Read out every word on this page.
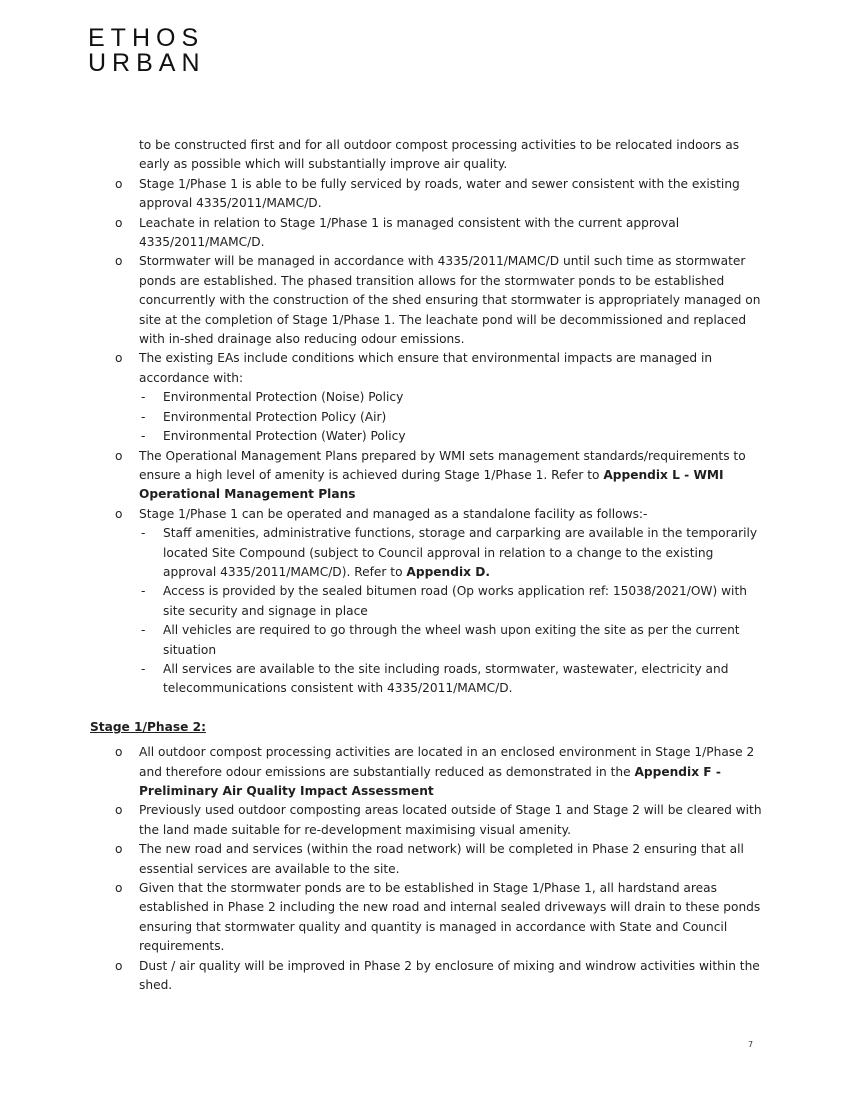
ETHOS
URBAN
to be constructed first and for all outdoor compost processing activities to be relocated indoors as early as possible which will substantially improve air quality.
o Stage 1/Phase 1 is able to be fully serviced by roads, water and sewer consistent with the existing approval 4335/2011/MAMC/D.
o Leachate in relation to Stage 1/Phase 1 is managed consistent with the current approval 4335/2011/MAMC/D.
o Stormwater will be managed in accordance with 4335/2011/MAMC/D until such time as stormwater ponds are established. The phased transition allows for the stormwater ponds to be established concurrently with the construction of the shed ensuring that stormwater is appropriately managed on site at the completion of Stage 1/Phase 1. The leachate pond will be decommissioned and replaced with in-shed drainage also reducing odour emissions.
o The existing EAs include conditions which ensure that environmental impacts are managed in accordance with:
- Environmental Protection (Noise) Policy
- Environmental Protection Policy (Air)
- Environmental Protection (Water) Policy
o The Operational Management Plans prepared by WMI sets management standards/requirements to ensure a high level of amenity is achieved during Stage 1/Phase 1. Refer to Appendix L - WMI Operational Management Plans
o Stage 1/Phase 1 can be operated and managed as a standalone facility as follows:-
- Staff amenities, administrative functions, storage and carparking are available in the temporarily located Site Compound (subject to Council approval in relation to a change to the existing approval 4335/2011/MAMC/D). Refer to Appendix D.
- Access is provided by the sealed bitumen road (Op works application ref: 15038/2021/OW) with site security and signage in place
- All vehicles are required to go through the wheel wash upon exiting the site as per the current situation
- All services are available to the site including roads, stormwater, wastewater, electricity and telecommunications consistent with 4335/2011/MAMC/D.
Stage 1/Phase 2:
o All outdoor compost processing activities are located in an enclosed environment in Stage 1/Phase 2 and therefore odour emissions are substantially reduced as demonstrated in the Appendix F - Preliminary Air Quality Impact Assessment
o Previously used outdoor composting areas located outside of Stage 1 and Stage 2 will be cleared with the land made suitable for re-development maximising visual amenity.
o The new road and services (within the road network) will be completed in Phase 2 ensuring that all essential services are available to the site.
o Given that the stormwater ponds are to be established in Stage 1/Phase 1, all hardstand areas established in Phase 2 including the new road and internal sealed driveways will drain to these ponds ensuring that stormwater quality and quantity is managed in accordance with State and Council requirements.
o Dust / air quality will be improved in Phase 2 by enclosure of mixing and windrow activities within the shed.
7
